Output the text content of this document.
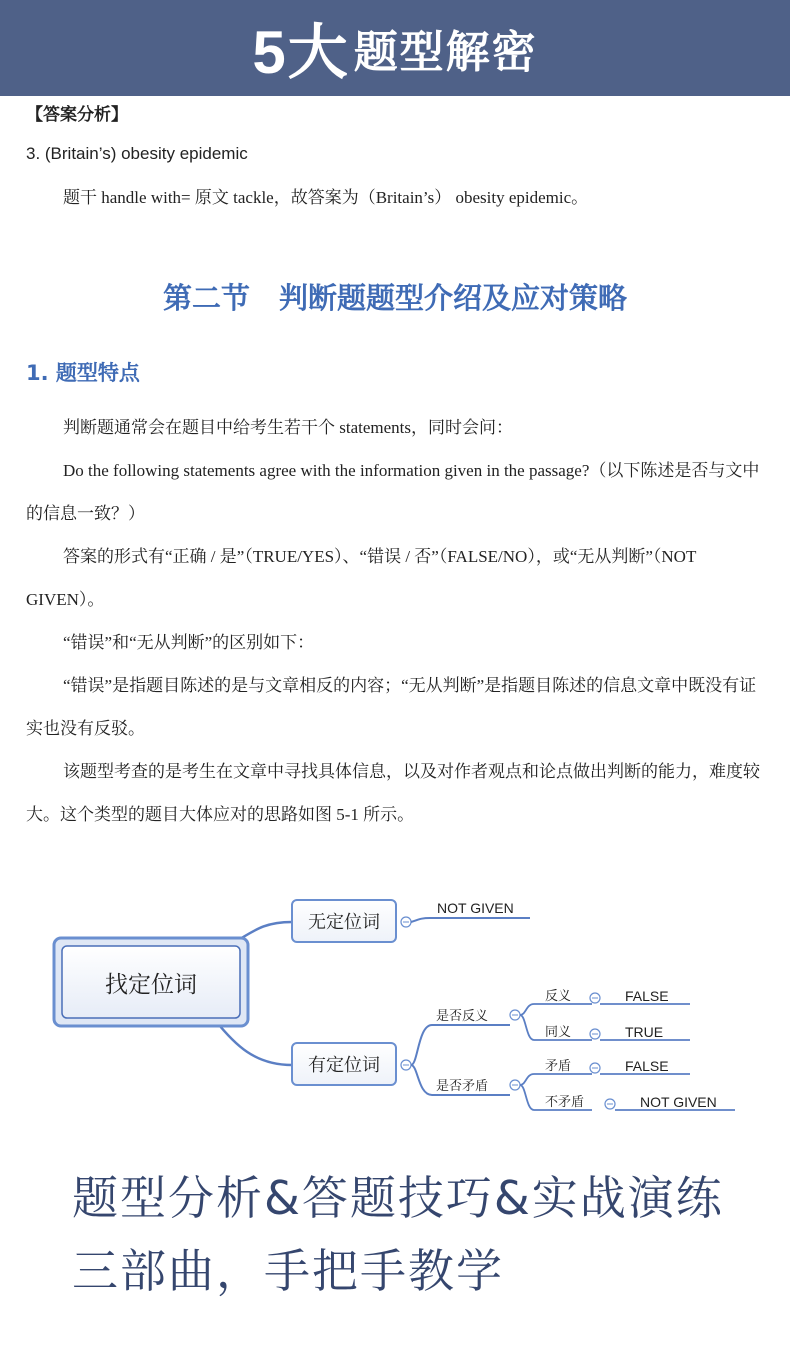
5大 题型解密
【答案分析】
3. (Britain’s) obesity epidemic
题干 handle with= 原文 tackle，故答案为（Britain’s） obesity epidemic。
第二节　判断题题型介绍及应对策略
1. 题型特点

判断题通常会在题目中给考生若干个 statements，同时会问：

Do the following statements agree with the information given in the passage?（以下陈述是否与文中的信息一致？）

答案的形式有“正确 / 是”（TRUE/YES）、“错误 / 否”（FALSE/NO），或“无从判断”（NOT GIVEN）。

“错误”和“无从判断”的区别如下：

“错误”是指题目陈述的是与文章相反的内容；“无从判断”是指题目陈述的信息文章中既没有证实也没有反驳。

该题型考查的是考生在文章中寻找具体信息，以及对作者观点和论点做出判断的能力，难度较大。这个类型的题目大体应对的思路如图 5-1 所示。

找定位词
无定位词
NOT GIVEN
有定位词
是否反义
是否矛盾
反义
同义
FALSE
TRUE
矛盾
不矛盾
FALSE
NOT GIVEN
题型分析&答题技巧&实战演练
三部曲，手把手教学
